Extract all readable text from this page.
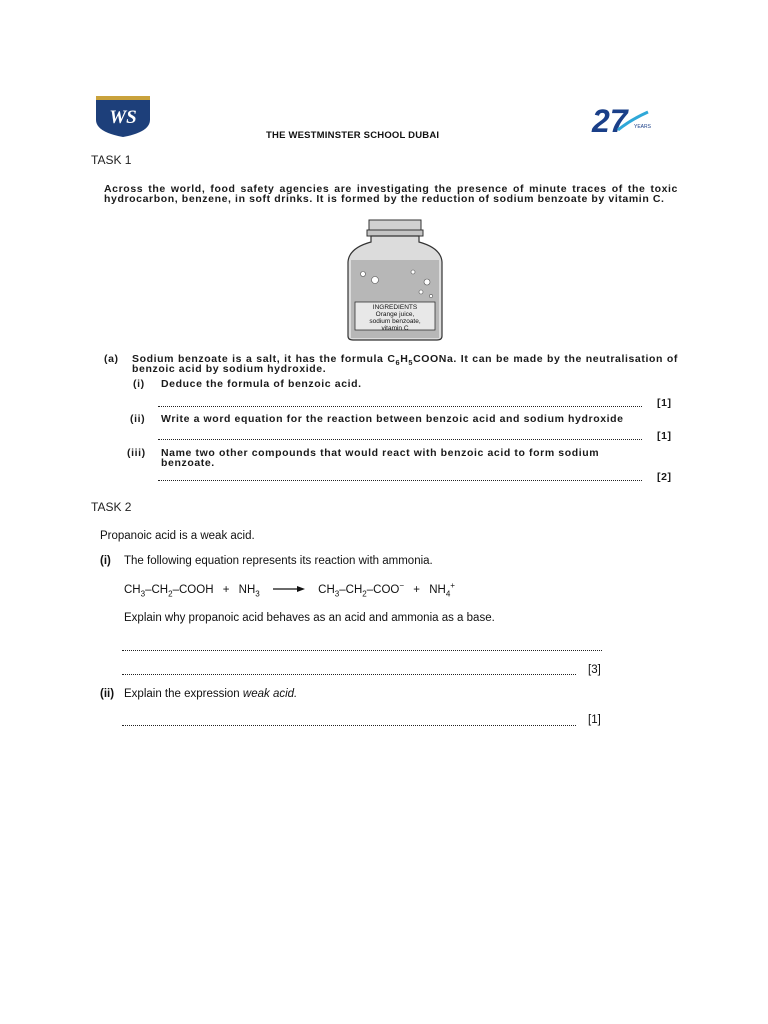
WS
THE WESTMINSTER SCHOOL DUBAI	27	YEARS
TASK 1
Across the world, food safety agencies are investigating the presence of minute traces of the toxic hydrocarbon, benzene, in soft drinks. It is formed by the reduction of sodium benzoate by vitamin C.
INGREDIENTS
Orange juice,
sodium benzoate,
vitamin C
(a) Sodium benzoate is a salt, it has the formula $C_6H_5COONa$. It can be made by the neutralisation of benzoic acid by sodium hydroxide.
(i) Deduce the formula of benzoic acid.
[1]
(ii) Write a word equation for the reaction between benzoic acid and sodium hydroxide
[1]
(iii) Name two other compounds that would react with benzoic acid to form sodium benzoate.
[2]
TASK 2
Propanoic acid is a weak acid.
(i) The following equation represents its reaction with ammonia.
$CH_3-CH_2$–COOH + $NH_3$	$CH_3-CH_2-COO^- + NH_4^+$
Explain why propanoic acid behaves as an acid and ammonia as a base.
[3]
(ii) Explain the expression weak acid.
[1]
